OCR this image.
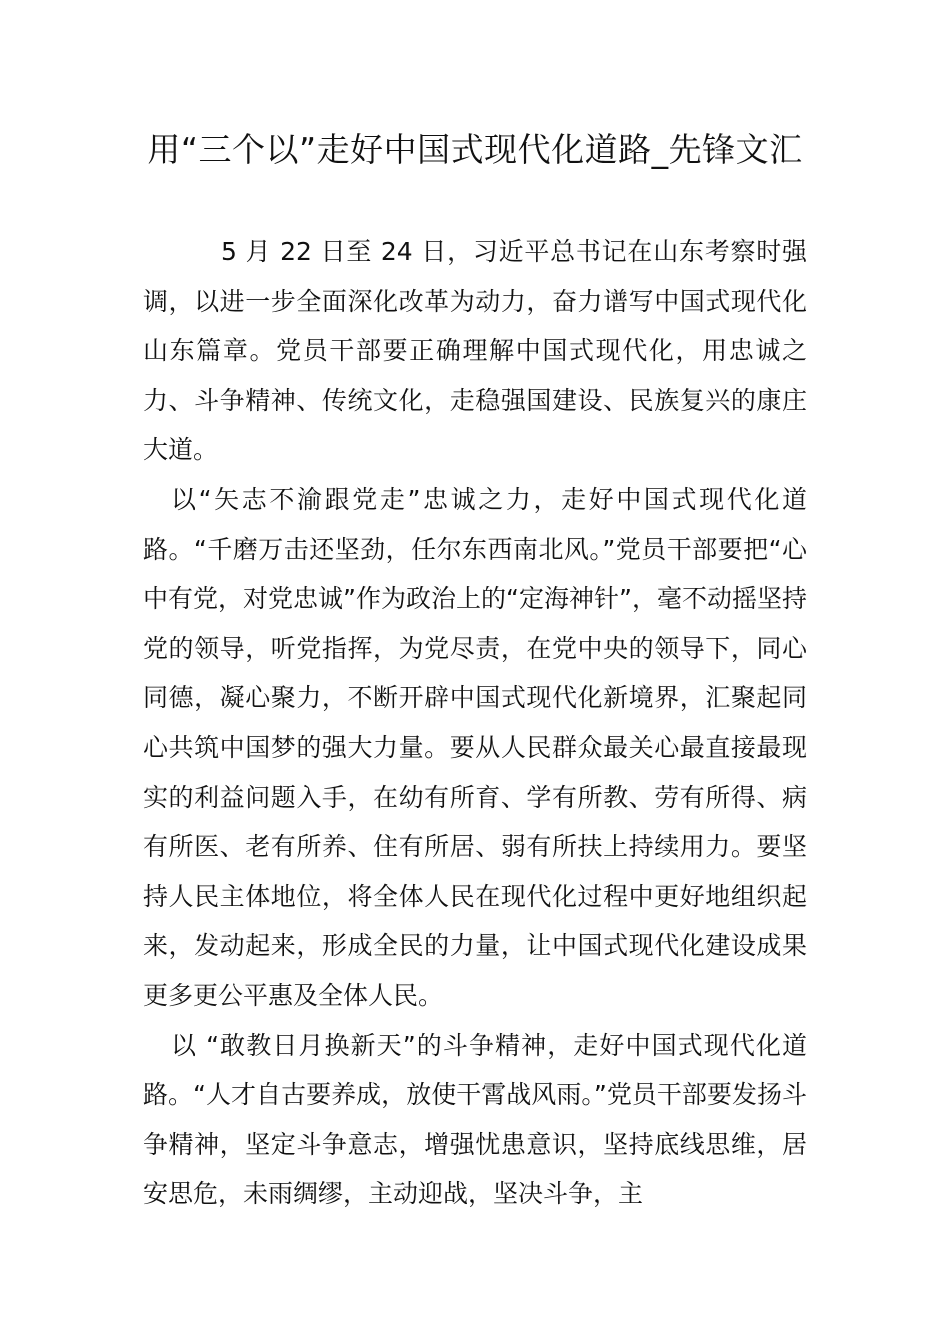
用“三个以”走好中国式现代化道路_先锋文汇

5 月 22 日至 24 日，习近平总书记在山东考察时强调，以进一步全面深化改革为动力，奋力谱写中国式现代化山东篇章。党员干部要正确理解中国式现代化，用忠诚之力、斗争精神、传统文化，走稳强国建设、民族复兴的康庄大道。

以“矢志不渝跟党走”忠诚之力，走好中国式现代化道路。“千磨万击还坚劲，任尔东西南北风。”党员干部要把“心中有党，对党忠诚”作为政治上的“定海神针”，毫不动摇坚持党的领导，听党指挥，为党尽责，在党中央的领导下，同心同德，凝心聚力，不断开辟中国式现代化新境界，汇聚起同心共筑中国梦的强大力量。要从人民群众最关心最直接最现实的利益问题入手，在幼有所育、学有所教、劳有所得、病有所医、老有所养、住有所居、弱有所扶上持续用力。要坚持人民主体地位，将全体人民在现代化过程中更好地组织起来，发动起来，形成全民的力量，让中国式现代化建设成果更多更公平惠及全体人民。

以 “敢教日月换新天”的斗争精神，走好中国式现代化道路。“人才自古要养成，放使干霄战风雨。”党员干部要发扬斗争精神，坚定斗争意志，增强忧患意识，坚持底线思维，居安思危，未雨绸缪，主动迎战，坚决斗争，主
